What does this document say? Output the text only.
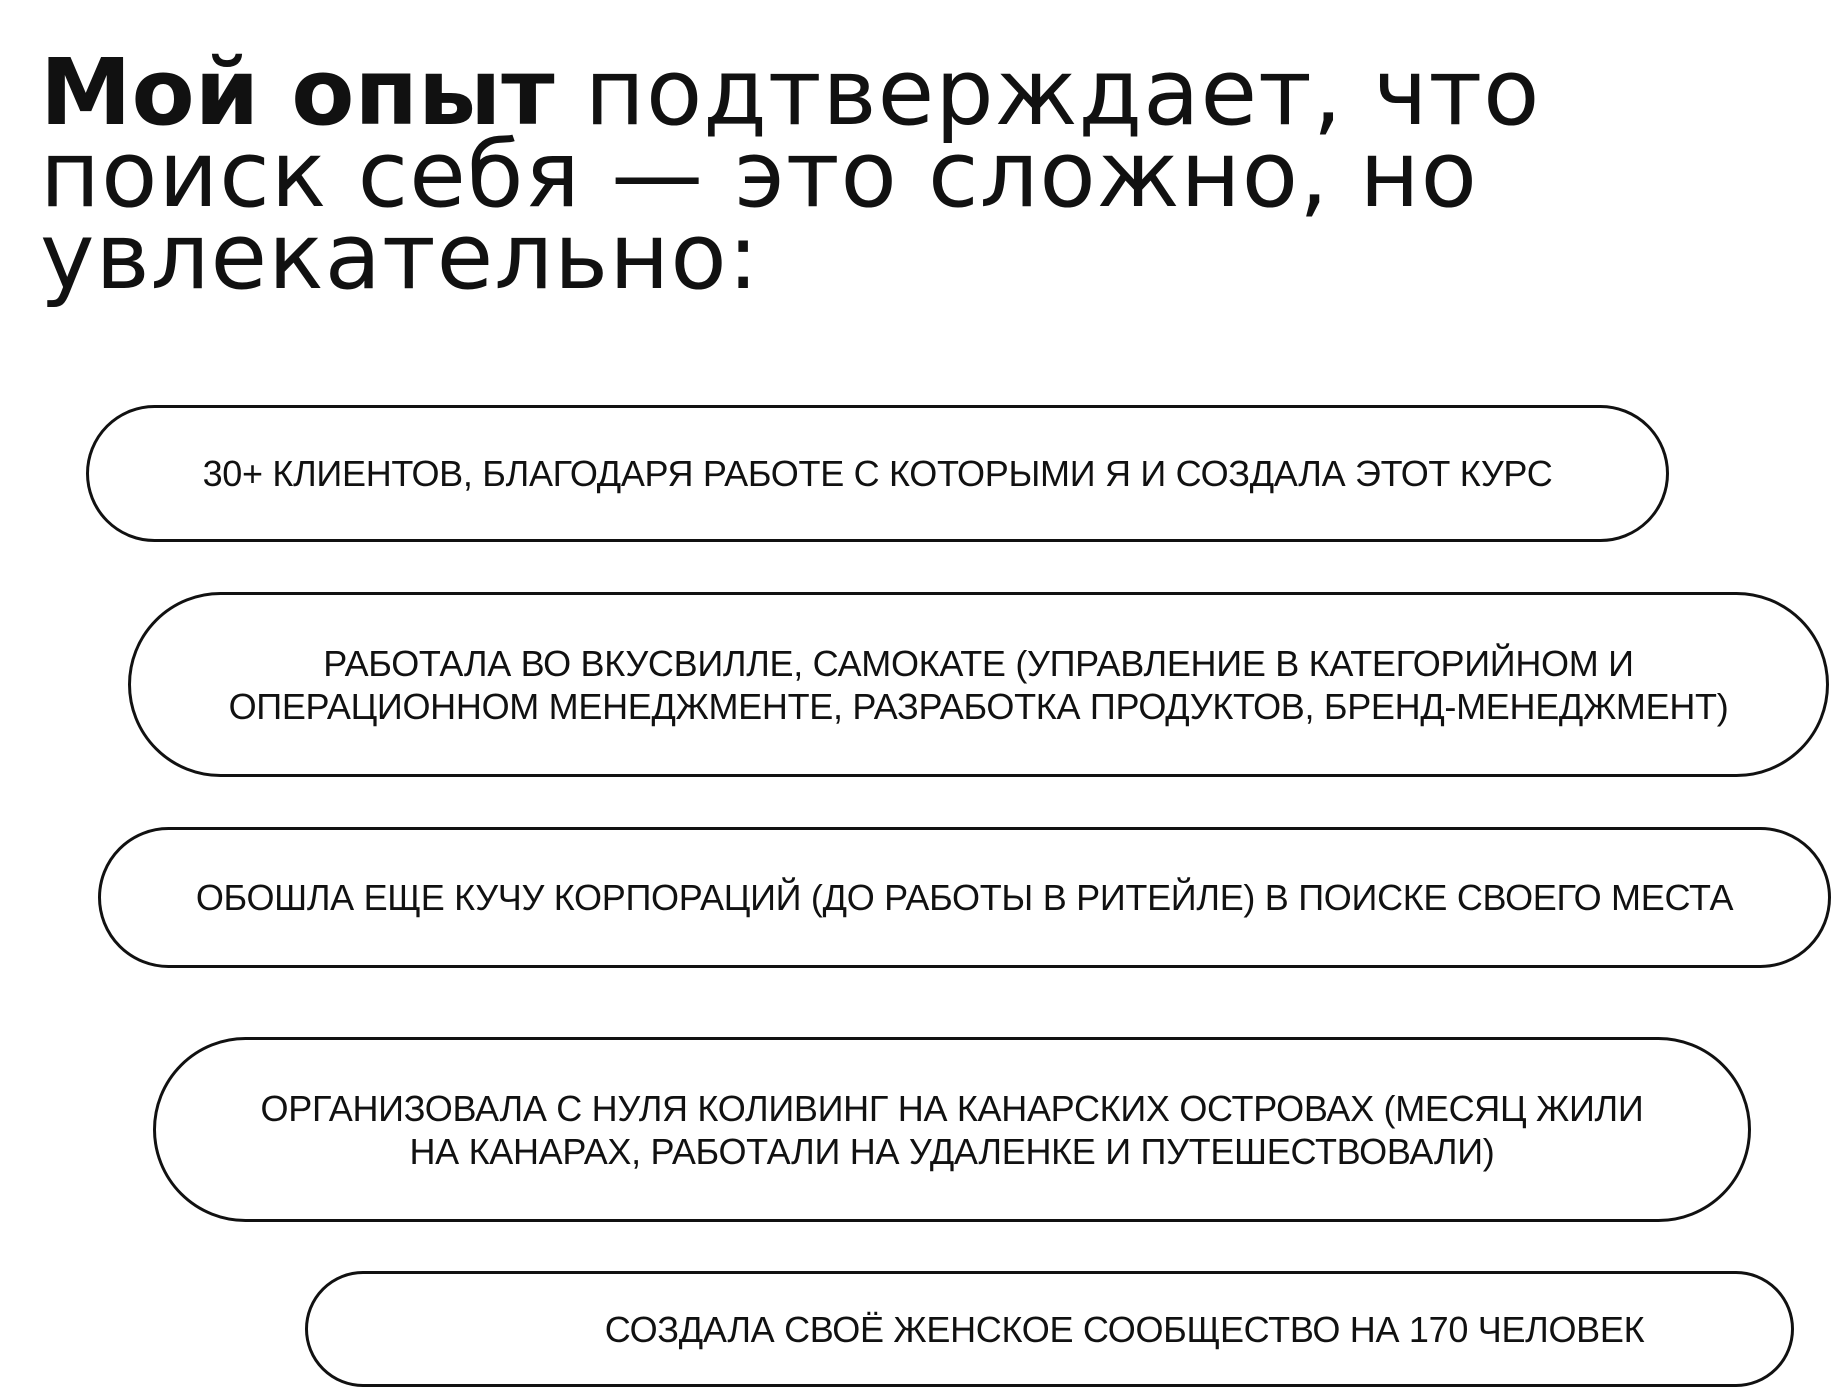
Мой опыт подтверждает, что
поиск себя — это сложно, но
увлекательно:
30+ КЛИЕНТОВ, БЛАГОДАРЯ РАБОТЕ С КОТОРЫМИ Я И СОЗДАЛА ЭТОТ КУРС
РАБОТАЛА ВО ВКУСВИЛЛЕ, САМОКАТЕ (УПРАВЛЕНИЕ В КАТЕГОРИЙНОМ И
ОПЕРАЦИОННОМ МЕНЕДЖМЕНТЕ, РАЗРАБОТКА ПРОДУКТОВ, БРЕНД-МЕНЕДЖМЕНТ)
ОБОШЛА ЕЩЕ КУЧУ КОРПОРАЦИЙ (ДО РАБОТЫ В РИТЕЙЛЕ) В ПОИСКЕ СВОЕГО МЕСТА
ОРГАНИЗОВАЛА С НУЛЯ КОЛИВИНГ НА КАНАРСКИХ ОСТРОВАХ (МЕСЯЦ ЖИЛИ
НА КАНАРАХ, РАБОТАЛИ НА УДАЛЕНКЕ И ПУТЕШЕСТВОВАЛИ)
СОЗДАЛА СВОЁ ЖЕНСКОЕ СООБЩЕСТВО НА 170 ЧЕЛОВЕК
